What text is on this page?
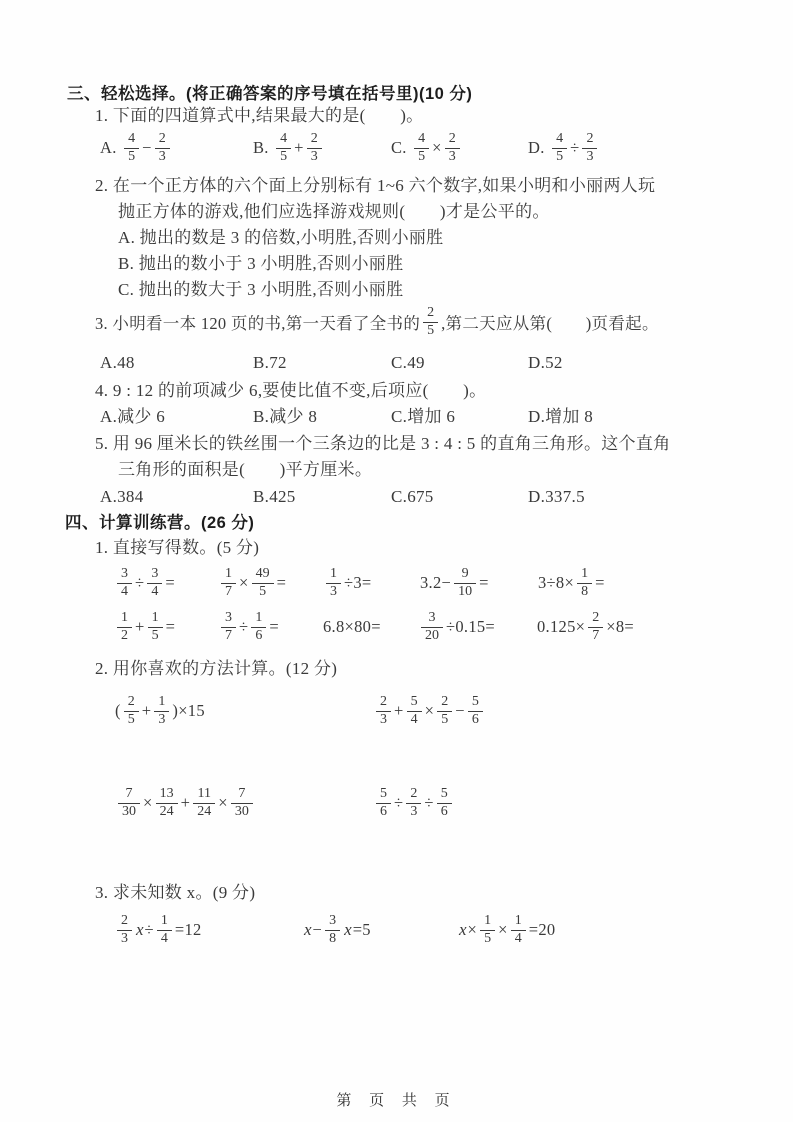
三、轻松选择。(将正确答案的序号填在括号里)(10 分)
1. 下面的四道算式中,结果最大的是(　　)。
A. $\frac{4}{5} - \frac{2}{3}$	B. $\frac{4}{5} + \frac{2}{3}$	C. $\frac{4}{5} \times \frac{2}{3}$	D. $\frac{4}{5} \div \frac{2}{3}$
2. 在一个正方体的六个面上分别标有 1~6 六个数字,如果小明和小丽两人玩
抛正方体的游戏,他们应选择游戏规则(　　)才是公平的。
A. 抛出的数是 3 的倍数,小明胜,否则小丽胜
B. 抛出的数小于 3 小明胜,否则小丽胜
C. 抛出的数大于 3 小明胜,否则小丽胜
3. 小明看一本 120 页的书,第一天看了全书的 $\frac{2}{5}$ ,第二天应从第(　　)页看起。
A.48	B.72	C.49	D.52
4. 9 : 12 的前项减少 6,要使比值不变,后项应(　　)。
A.减少 6	B.减少 8	C.增加 6	D.增加 8
5. 用 96 厘米长的铁丝围一个三条边的比是 3 : 4 : 5 的直角三角形。这个直角
三角形的面积是(　　)平方厘米。
A.384	B.425	C.675	D.337.5
四、计算训练营。(26 分)
1. 直接写得数。(5 分)
$\frac{3}{4} \div \frac{3}{4}$ =	$\frac{1}{7} \times \frac{49}{5}$ =	$\frac{1}{3} \div 3=$	$3.2- \frac{9}{10}$ =	$3\div 8\times \frac{1}{8}$ =
$\frac{1}{2} + \frac{1}{5}$ =	$\frac{3}{7} \div \frac{1}{6}$ =	6.8×80=	$\frac{3}{20} \div 0.15=$	$0.125\times \frac{2}{7} \times 8=$
2. 用你喜欢的方法计算。(12 分)
( $\frac{2}{5} + \frac{1}{3} )\times 15$	$\frac{2}{3} + \frac{5}{4} \times \frac{2}{5} - \frac{5}{6}$
$\frac{7}{30} \times \frac{13}{24} + \frac{11}{24} \times \frac{7}{30}$	$\frac{5}{6} \div \frac{2}{3} \div \frac{5}{6}$
3. 求未知数 x。(9 分)
$\frac{2}{3}$ $x \div \frac{1}{4} =12$	$x - \frac{3}{8}$ x =5	$x \times \frac{1}{5} \times \frac{1}{4} =20$
第 页 共 页
